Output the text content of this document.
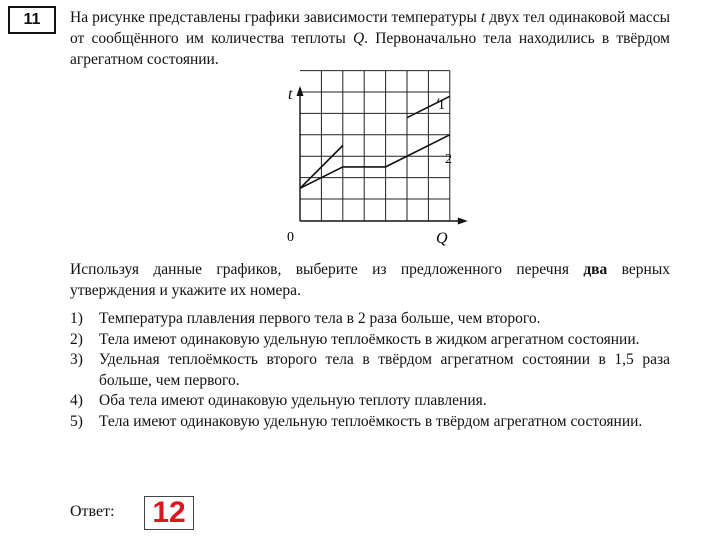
11	На рисунке представлены графики зависимости температуры t двух тел одинаковой массы от сообщённого им количества теплоты Q. Первоначально тела находились в твёрдом агрегатном состоянии.
t
Q
0
1
2
Используя данные графиков, выберите из предложенного перечня два верных утверждения и укажите их номера.
1) Температура плавления первого тела в 2 раза больше, чем второго.
2) Тела имеют одинаковую удельную теплоёмкость в жидком агрегатном состоянии.
3) Удельная теплоёмкость второго тела в твёрдом агрегатном состоянии в 1,5 раза больше, чем первого.
4) Оба тела имеют одинаковую удельную теплоту плавления.
5) Тела имеют одинаковую удельную теплоёмкость в твёрдом агрегатном состоянии.
Ответ: 12
